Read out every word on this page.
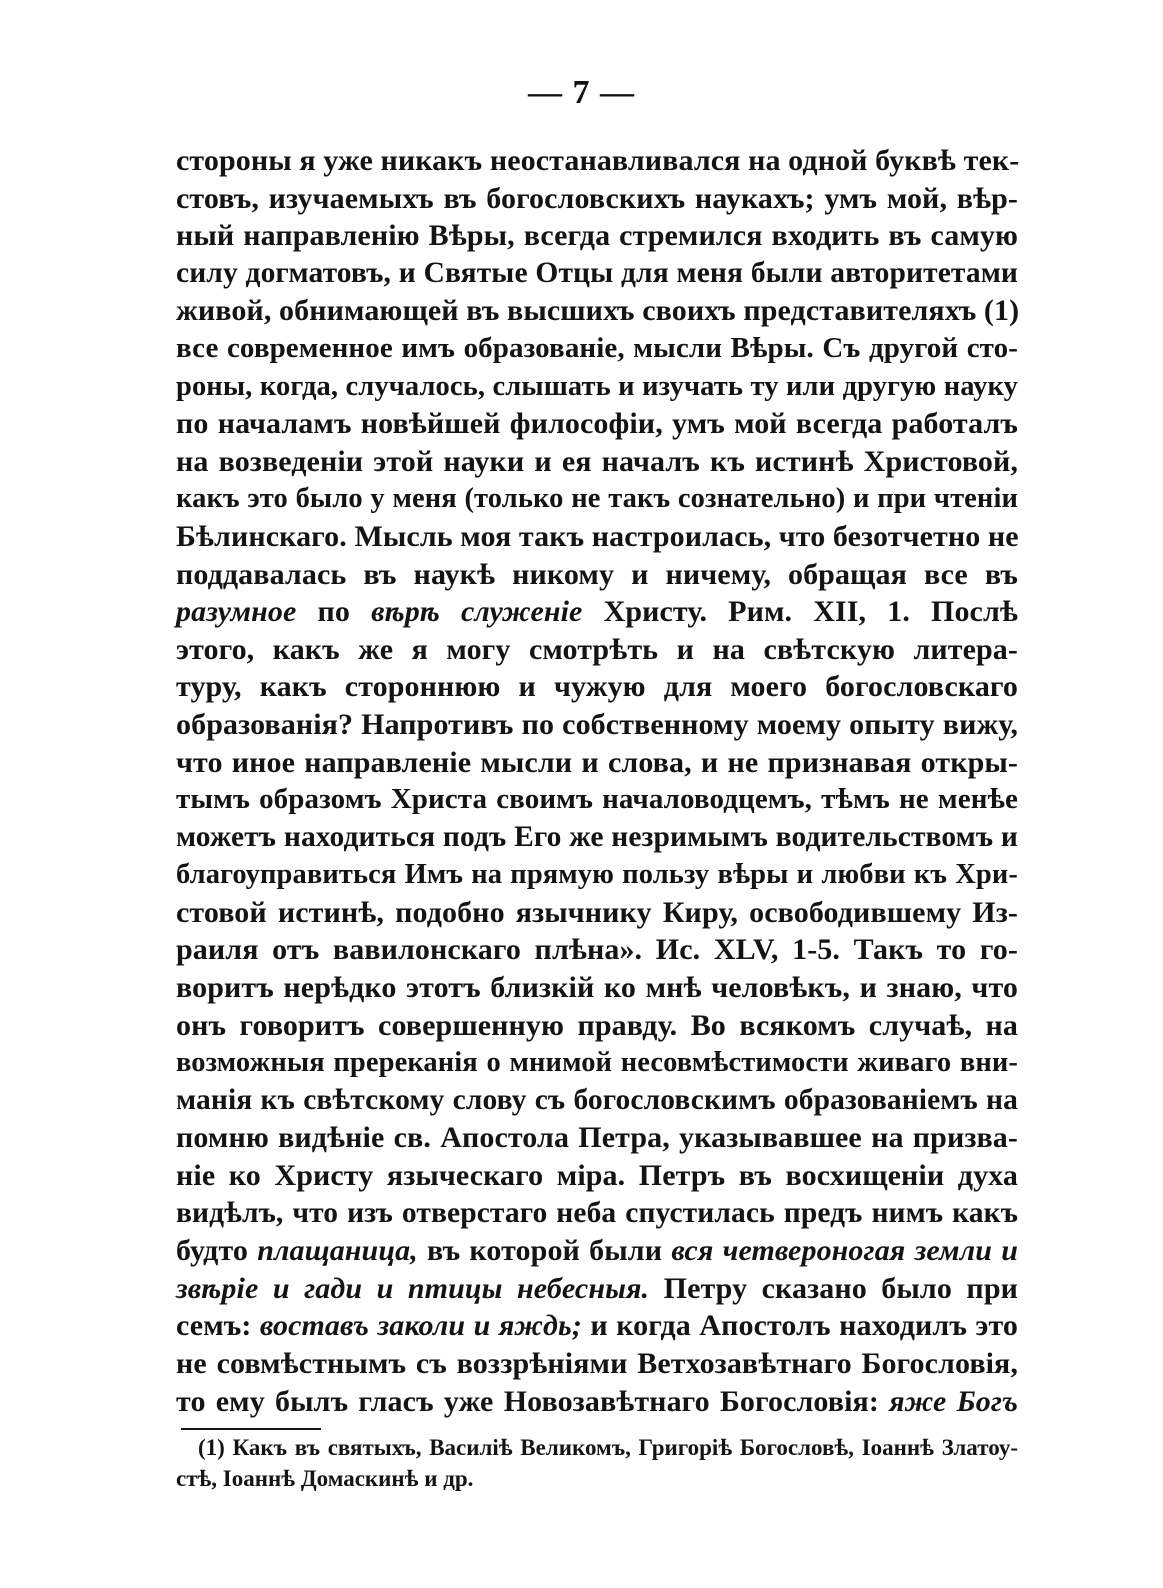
— 7 —
стороны я уже никакъ неостанавливался на одной буквѣ тек-
стовъ, изучаемыхъ въ богословскихъ наукахъ; умъ мой, вѣр-
ный направленію Вѣры, всегда стремился входить въ самую
силу догматовъ, и Святые Отцы для меня были авторитетами
живой, обнимающей въ высшихъ своихъ представителяхъ (1)
все современное имъ образованіе, мысли Вѣры. Съ другой сто-
роны, когда, случалось, слышать и изучать ту или другую науку
по началамъ новѣйшей философіи, умъ мой всегда работалъ
на возведеніи этой науки и ея началъ къ истинѣ Христовой,
какъ это было у меня (только не такъ сознательно) и при чтеніи
Бѣлинскаго. Мысль моя такъ настроилась, что безотчетно не
поддавалась въ наукѣ никому и ничему, обращая все въ
разумное по вѣрѣ служеніе Христу. Рим. XII, 1. Послѣ
этого, какъ же я могу смотрѣть и на свѣтскую литера-
туру, какъ стороннюю и чужую для моего богословскаго
образованія? Напротивъ по собственному моему опыту вижу,
что иное направленіе мысли и слова, и не признавая откры-
тымъ образомъ Христа своимъ началоводцемъ, тѣмъ не менѣе
можетъ находиться подъ Его же незримымъ водительствомъ и
благоуправиться Имъ на прямую пользу вѣры и любви къ Хри-
стовой истинѣ, подобно язычнику Киру, освободившему Из-
раиля отъ вавилонскаго плѣна». Ис. XLV, 1-5. Такъ то го-
воритъ нерѣдко этотъ близкій ко мнѣ человѣкъ, и знаю, что
онъ говоритъ совершенную правду. Во всякомъ случаѣ, на
возможныя пререканія о мнимой несовмѣстимости живаго вни-
манія къ свѣтскому слову съ богословскимъ образованіемъ на
помню видѣніе св. Апостола Петра, указывавшее на призва-
ніе ко Христу языческаго міра. Петръ въ восхищеніи духа
видѣлъ, что изъ отверстаго неба спустилась предъ нимъ какъ
будто плащаница, въ которой были вся четвероногая земли и
звѣріе и гади и птицы небесныя. Петру сказано было при
семъ: воставъ заколи и яждь; и когда Апостолъ находилъ это
не совмѣстнымъ съ воззрѣніями Ветхозавѣтнаго Богословія,
то ему былъ гласъ уже Новозавѣтнаго Богословія: яже Богъ
(1) Какъ въ святыхъ, Василіѣ Великомъ, Григоріѣ Богословѣ, Іоаннѣ Златоу-
стѣ, Іоаннѣ Домаскинѣ и др.
